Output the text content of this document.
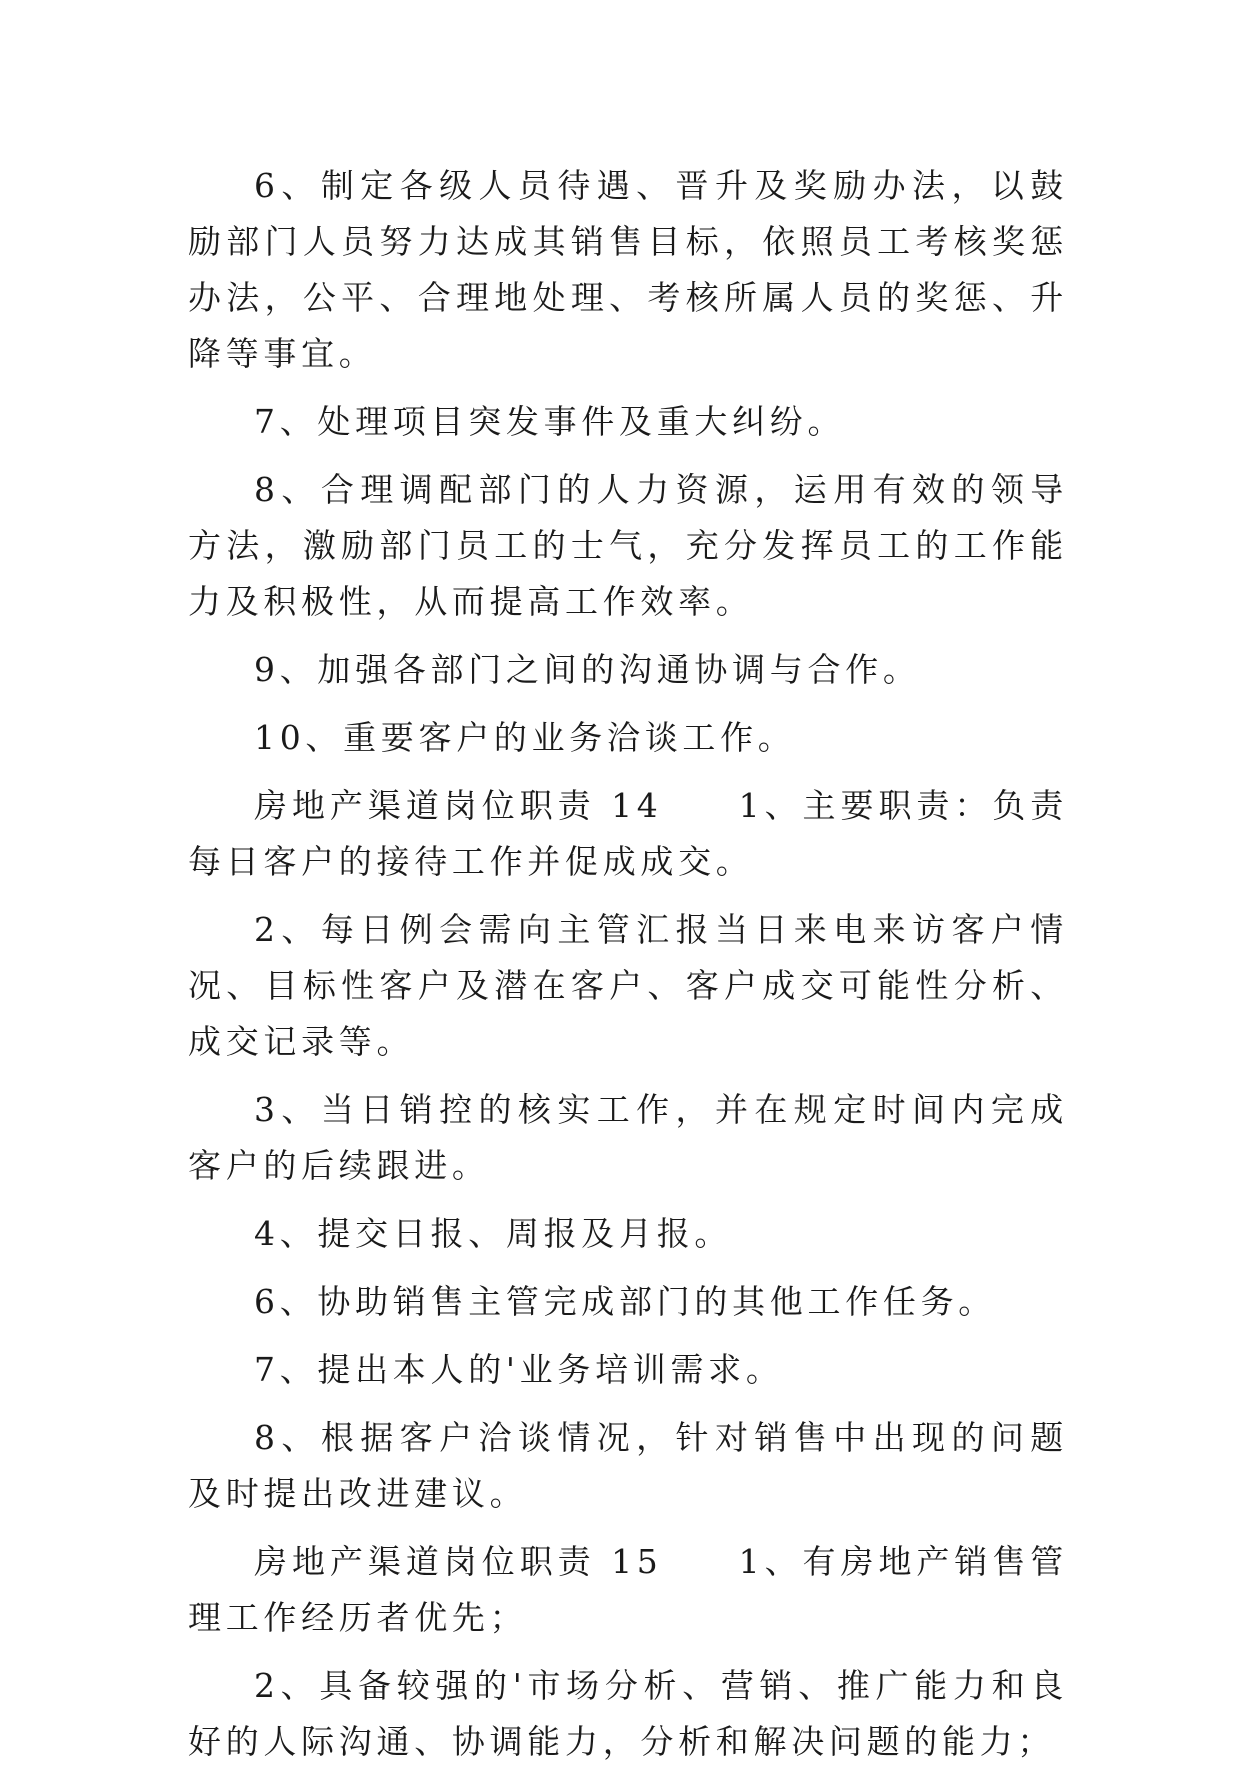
6、制定各级人员待遇、晋升及奖励办法，以鼓励部门人员努力达成其销售目标，依照员工考核奖惩办法，公平、合理地处理、考核所属人员的奖惩、升降等事宜。

7、处理项目突发事件及重大纠纷。

8、合理调配部门的人力资源，运用有效的领导方法，激励部门员工的士气，充分发挥员工的工作能力及积极性，从而提高工作效率。

9、加强各部门之间的沟通协调与合作。

10、重要客户的业务洽谈工作。

房地产渠道岗位职责 14　　1、主要职责：负责每日客户的接待工作并促成成交。

2、每日例会需向主管汇报当日来电来访客户情况、目标性客户及潜在客户、客户成交可能性分析、成交记录等。

3、当日销控的核实工作，并在规定时间内完成客户的后续跟进。

4、提交日报、周报及月报。

6、协助销售主管完成部门的其他工作任务。

7、提出本人的'业务培训需求。

8、根据客户洽谈情况，针对销售中出现的问题及时提出改进建议。

房地产渠道岗位职责 15　　1、有房地产销售管理工作经历者优先；

2、具备较强的'市场分析、营销、推广能力和良好的人际沟通、协调能力，分析和解决问题的能力；
